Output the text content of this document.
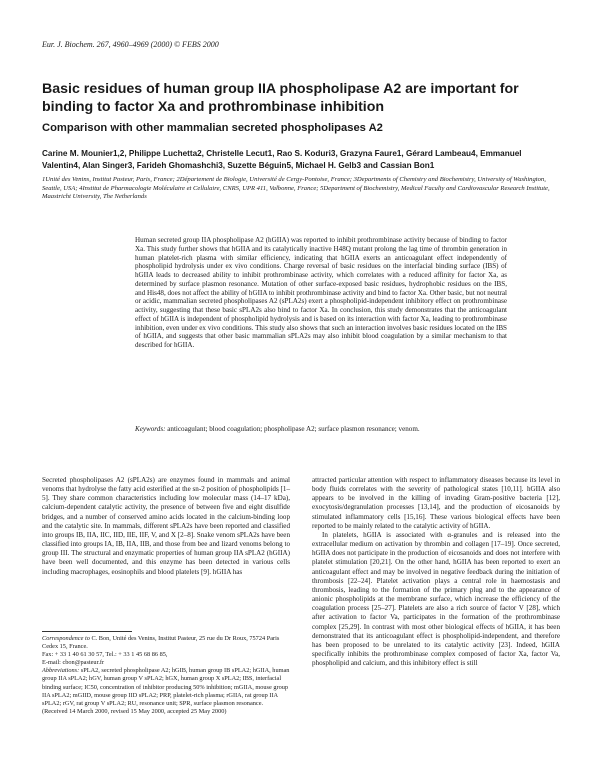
Eur. J. Biochem. 267, 4960–4969 (2000) © FEBS 2000
Basic residues of human group IIA phospholipase A2 are important for binding to factor Xa and prothrombinase inhibition
Comparison with other mammalian secreted phospholipases A2
Carine M. Mounier1,2, Philippe Luchetta2, Christelle Lecut1, Rao S. Koduri3, Grazyna Faure1, Gérard Lambeau4, Emmanuel Valentin4, Alan Singer3, Farideh Ghomashchi3, Suzette Béguin5, Michael H. Gelb3 and Cassian Bon1
1Unité des Venins, Institut Pasteur, Paris, France; 2Département de Biologie, Université de Cergy-Pontoise, France; 3Departments of Chemistry and Biochemistry, University of Washington, Seattle, USA; 4Institut de Pharmacologie Moléculaire et Cellulaire, CNRS, UPR 411, Valbonne, France; 5Department of Biochemistry, Medical Faculty and Cardiovascular Research Institute, Maastricht University, The Netherlands
Human secreted group IIA phospholipase A2 (hGIIA) was reported to inhibit prothrombinase activity because of binding to factor Xa. This study further shows that hGIIA and its catalytically inactive H48Q mutant prolong the lag time of thrombin generation in human platelet-rich plasma with similar efficiency, indicating that hGIIA exerts an anticoagulant effect independently of phospholipid hydrolysis under ex vivo conditions. Charge reversal of basic residues on the interfacial binding surface (IBS) of hGIIA leads to decreased ability to inhibit prothrombinase activity, which correlates with a reduced affinity for factor Xa, as determined by surface plasmon resonance. Mutation of other surface-exposed basic residues, hydrophobic residues on the IBS, and His48, does not affect the ability of hGIIA to inhibit prothrombinase activity and bind to factor Xa. Other basic, but not neutral or acidic, mammalian secreted phospholipases A2 (sPLA2s) exert a phospholipid-independent inhibitory effect on prothrombinase activity, suggesting that these basic sPLA2s also bind to factor Xa. In conclusion, this study demonstrates that the anticoagulant effect of hGIIA is independent of phospholipid hydrolysis and is based on its interaction with factor Xa, leading to prothrombinase inhibition, even under ex vivo conditions. This study also shows that such an interaction involves basic residues located on the IBS of hGIIA, and suggests that other basic mammalian sPLA2s may also inhibit blood coagulation by a similar mechanism to that described for hGIIA.
Keywords: anticoagulant; blood coagulation; phospholipase A2; surface plasmon resonance; venom.

Secreted phospholipases A2 (sPLA2s) are enzymes found in mammals and animal venoms that hydrolyse the fatty acid esterified at the sn-2 position of phospholipids [1–5]. They share common characteristics including low molecular mass (14–17 kDa), calcium-dependent catalytic activity, the presence of between five and eight disulfide bridges, and a number of conserved amino acids located in the calcium-binding loop and the catalytic site. In mammals, different sPLA2s have been reported and classified into groups IB, IIA, IIC, IID, IIE, IIF, V, and X [2–8]. Snake venom sPLA2s have been classified into groups IA, IB, IIA, IIB, and those from bee and lizard venoms belong to group III. The structural and enzymatic properties of human group IIA sPLA2 (hGIIA) have been well documented, and this enzyme has been detected in various cells including macrophages, eosinophils and blood platelets [9]. hGIIA has

attracted particular attention with respect to inflammatory diseases because its level in body fluids correlates with the severity of pathological states [10,11]. hGIIA also appears to be involved in the killing of invading Gram-positive bacteria [12], exocytosis/degranulation processes [13,14], and the production of eicosanoids by stimulated inflammatory cells [15,16]. These various biological effects have been reported to be mainly related to the catalytic activity of hGIIA.

In platelets, hGIIA is associated with α-granules and is released into the extracellular medium on activation by thrombin and collagen [17–19]. Once secreted, hGIIA does not participate in the production of eicosanoids and does not interfere with platelet stimulation [20,21]. On the other hand, hGIIA has been reported to exert an anticoagulant effect and may be involved in negative feedback during the initiation of thrombosis [22–24]. Platelet activation plays a central role in haemostasis and thrombosis, leading to the formation of the primary plug and to the appearance of anionic phospholipids at the membrane surface, which increase the efficiency of the coagulation process [25–27]. Platelets are also a rich source of factor V [28], which after activation to factor Va, participates in the formation of the prothrombinase complex [25,29]. In contrast with most other biological effects of hGIIA, it has been demonstrated that its anticoagulant effect is phospholipid-independent, and therefore has been proposed to be unrelated to its catalytic activity [23]. Indeed, hGIIA specifically inhibits the prothrombinase complex composed of factor Xa, factor Va, phospholipid and calcium, and this inhibitory effect is still

Correspondence to C. Bon, Unité des Venins, Institut Pasteur, 25 rue du Dr Roux, 75724 Paris Cedex 15, France.

Fax: + 33 1 40 61 30 57, Tel.: + 33 1 45 68 86 85,

E-mail: cbon@pasteur.fr

Abbreviations: sPLA2, secreted phospholipase A2; hGIB, human group IB sPLA2; hGIIA, human group IIA sPLA2; hGV, human group V sPLA2; hGX, human group X sPLA2; IBS, interfacial binding surface; IC50, concentration of inhibitor producing 50% inhibition; mGIIA, mouse group IIA sPLA2; mGIID, mouse group IID sPLA2; PRP, platelet-rich plasma; rGIIA, rat group IIA sPLA2; rGV, rat group V sPLA2; RU, resonance unit; SPR, surface plasmon resonance.

(Received 14 March 2000, revised 15 May 2000, accepted 25 May 2000)
